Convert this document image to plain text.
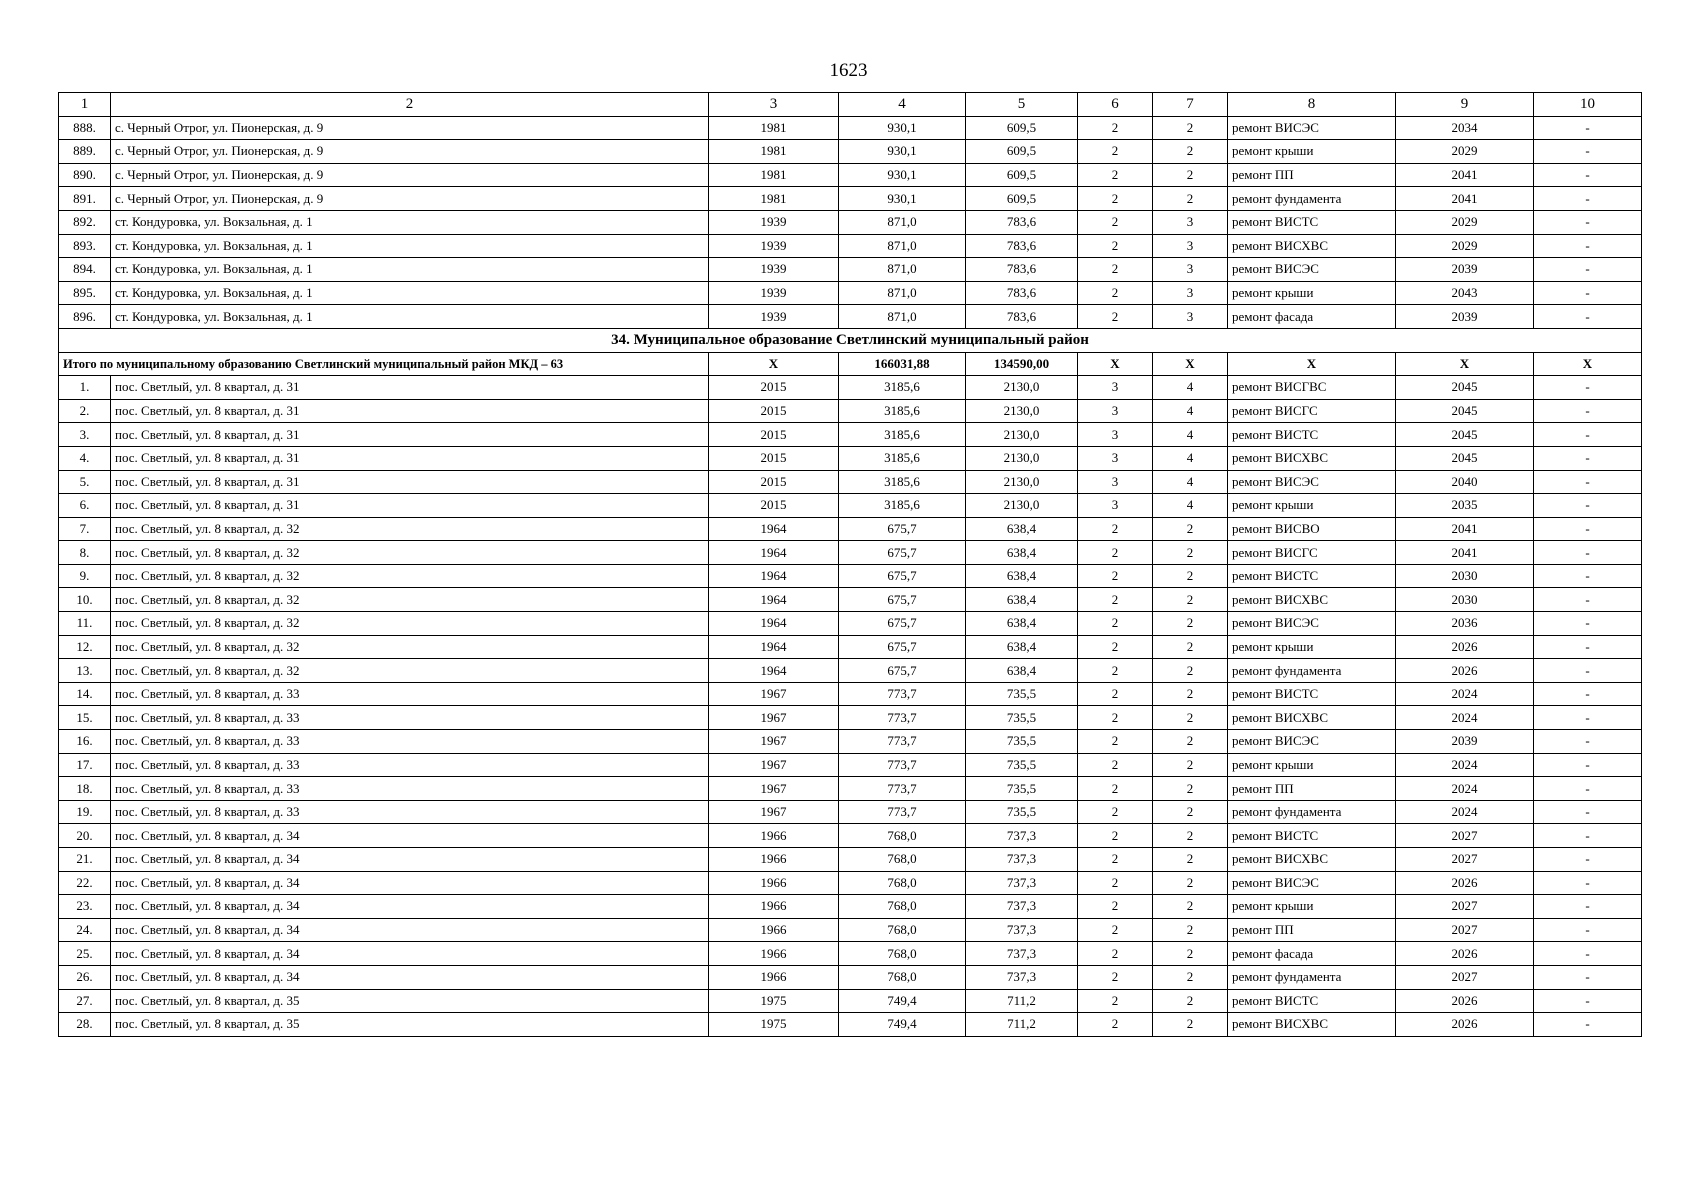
1623
1	2	3	4	5	6	7	8	9	10
888.	с. Черный Отрог, ул. Пионерская, д. 9	1981	930,1	609,5	2	2	ремонт ВИСЭС	2034	-
889.	с. Черный Отрог, ул. Пионерская, д. 9	1981	930,1	609,5	2	2	ремонт крыши	2029	-
890.	с. Черный Отрог, ул. Пионерская, д. 9	1981	930,1	609,5	2	2	ремонт ПП	2041	-
891.	с. Черный Отрог, ул. Пионерская, д. 9	1981	930,1	609,5	2	2	ремонт фундамента	2041	-
892.	ст. Кондуровка, ул. Вокзальная, д. 1	1939	871,0	783,6	2	3	ремонт ВИСТС	2029	-
893.	ст. Кондуровка, ул. Вокзальная, д. 1	1939	871,0	783,6	2	3	ремонт ВИСХВС	2029	-
894.	ст. Кондуровка, ул. Вокзальная, д. 1	1939	871,0	783,6	2	3	ремонт ВИСЭС	2039	-
895.	ст. Кондуровка, ул. Вокзальная, д. 1	1939	871,0	783,6	2	3	ремонт крыши	2043	-
896.	ст. Кондуровка, ул. Вокзальная, д. 1	1939	871,0	783,6	2	3	ремонт фасада	2039	-
34. Муниципальное образование Светлинский муниципальный район									
Итого по муниципальному образованию Светлинский муниципальный район МКД – 63		Х	166031,88	134590,00	Х	Х	Х	Х	Х
1.	пос. Светлый, ул. 8 квартал, д. 31	2015	3185,6	2130,0	3	4	ремонт ВИСГВС	2045	-
2.	пос. Светлый, ул. 8 квартал, д. 31	2015	3185,6	2130,0	3	4	ремонт ВИСГС	2045	-
3.	пос. Светлый, ул. 8 квартал, д. 31	2015	3185,6	2130,0	3	4	ремонт ВИСТС	2045	-
4.	пос. Светлый, ул. 8 квартал, д. 31	2015	3185,6	2130,0	3	4	ремонт ВИСХВС	2045	-
5.	пос. Светлый, ул. 8 квартал, д. 31	2015	3185,6	2130,0	3	4	ремонт ВИСЭС	2040	-
6.	пос. Светлый, ул. 8 квартал, д. 31	2015	3185,6	2130,0	3	4	ремонт крыши	2035	-
7.	пос. Светлый, ул. 8 квартал, д. 32	1964	675,7	638,4	2	2	ремонт ВИСВО	2041	-
8.	пос. Светлый, ул. 8 квартал, д. 32	1964	675,7	638,4	2	2	ремонт ВИСГС	2041	-
9.	пос. Светлый, ул. 8 квартал, д. 32	1964	675,7	638,4	2	2	ремонт ВИСТС	2030	-
10.	пос. Светлый, ул. 8 квартал, д. 32	1964	675,7	638,4	2	2	ремонт ВИСХВС	2030	-
11.	пос. Светлый, ул. 8 квартал, д. 32	1964	675,7	638,4	2	2	ремонт ВИСЭС	2036	-
12.	пос. Светлый, ул. 8 квартал, д. 32	1964	675,7	638,4	2	2	ремонт крыши	2026	-
13.	пос. Светлый, ул. 8 квартал, д. 32	1964	675,7	638,4	2	2	ремонт фундамента	2026	-
14.	пос. Светлый, ул. 8 квартал, д. 33	1967	773,7	735,5	2	2	ремонт ВИСТС	2024	-
15.	пос. Светлый, ул. 8 квартал, д. 33	1967	773,7	735,5	2	2	ремонт ВИСХВС	2024	-
16.	пос. Светлый, ул. 8 квартал, д. 33	1967	773,7	735,5	2	2	ремонт ВИСЭС	2039	-
17.	пос. Светлый, ул. 8 квартал, д. 33	1967	773,7	735,5	2	2	ремонт крыши	2024	-
18.	пос. Светлый, ул. 8 квартал, д. 33	1967	773,7	735,5	2	2	ремонт ПП	2024	-
19.	пос. Светлый, ул. 8 квартал, д. 33	1967	773,7	735,5	2	2	ремонт фундамента	2024	-
20.	пос. Светлый, ул. 8 квартал, д. 34	1966	768,0	737,3	2	2	ремонт ВИСТС	2027	-
21.	пос. Светлый, ул. 8 квартал, д. 34	1966	768,0	737,3	2	2	ремонт ВИСХВС	2027	-
22.	пос. Светлый, ул. 8 квартал, д. 34	1966	768,0	737,3	2	2	ремонт ВИСЭС	2026	-
23.	пос. Светлый, ул. 8 квартал, д. 34	1966	768,0	737,3	2	2	ремонт крыши	2027	-
24.	пос. Светлый, ул. 8 квартал, д. 34	1966	768,0	737,3	2	2	ремонт ПП	2027	-
25.	пос. Светлый, ул. 8 квартал, д. 34	1966	768,0	737,3	2	2	ремонт фасада	2026	-
26.	пос. Светлый, ул. 8 квартал, д. 34	1966	768,0	737,3	2	2	ремонт фундамента	2027	-
27.	пос. Светлый, ул. 8 квартал, д. 35	1975	749,4	711,2	2	2	ремонт ВИСТС	2026	-
28.	пос. Светлый, ул. 8 квартал, д. 35	1975	749,4	711,2	2	2	ремонт ВИСХВС	2026	-
